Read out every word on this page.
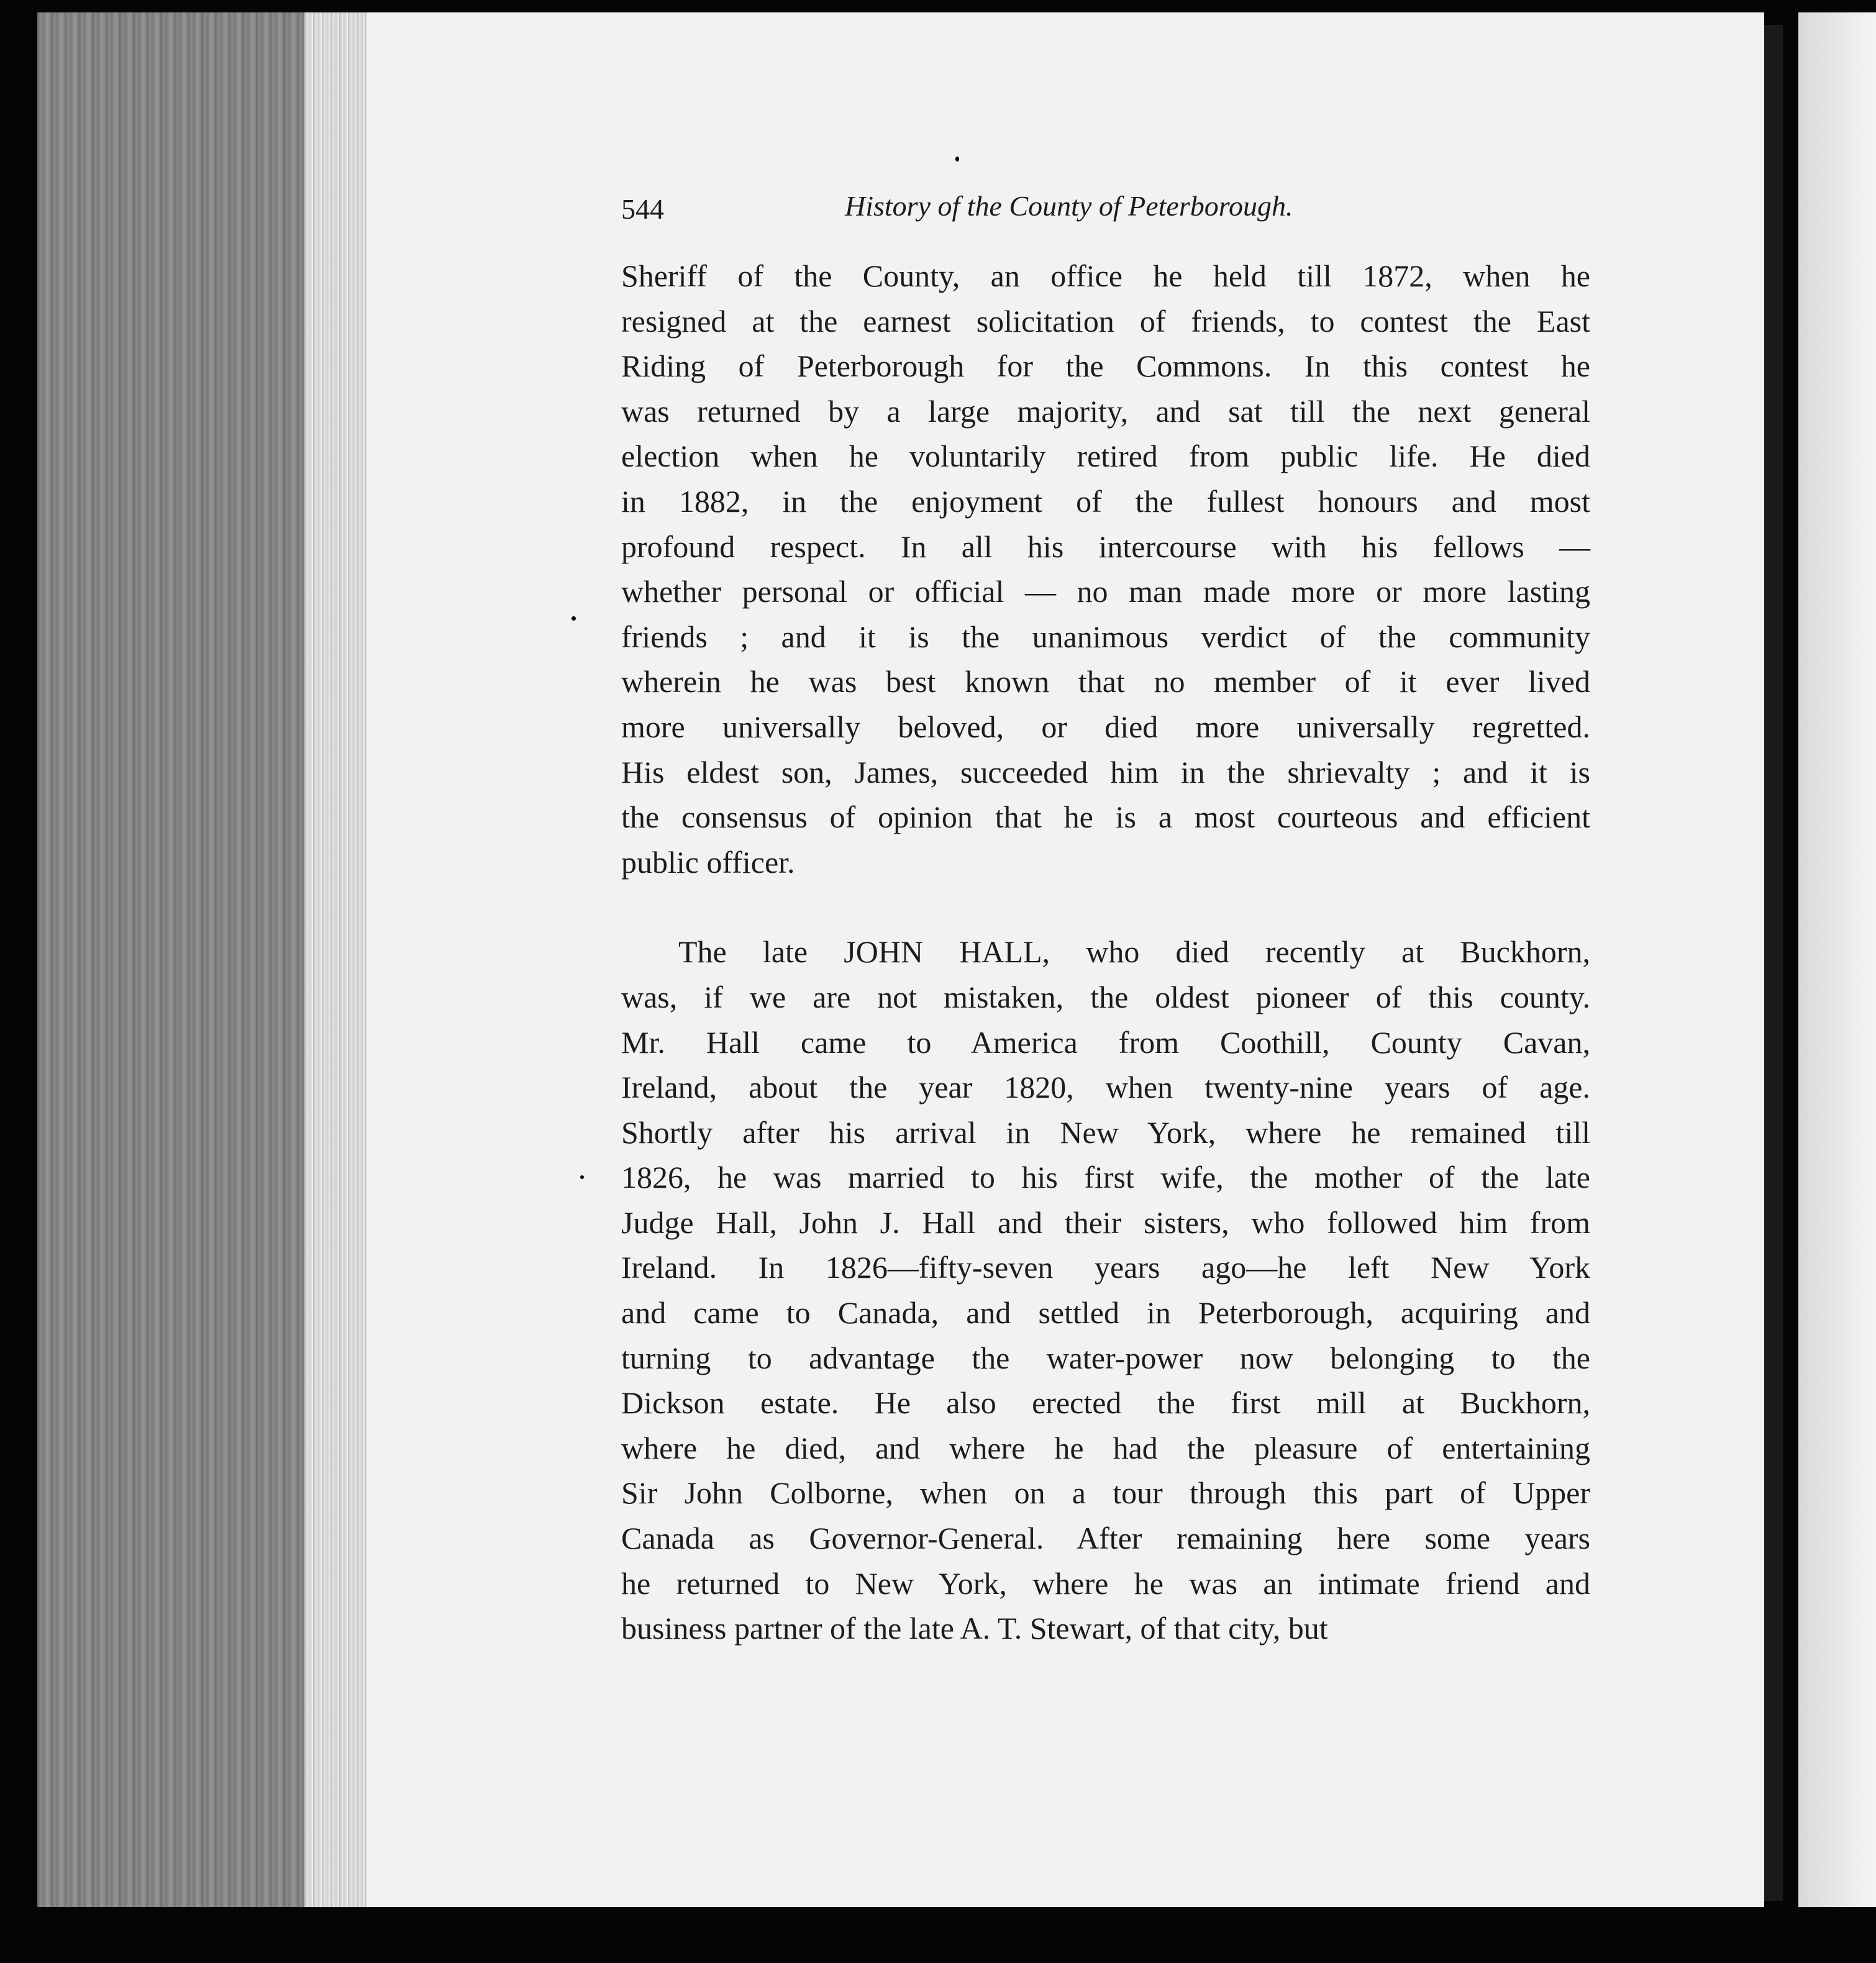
544	History of the County of Peterborough.
Sheriff of the County, an office he held till 1872, when he
resigned at the earnest solicitation of friends, to contest the East
Riding of Peterborough for the Commons. In this contest he
was returned by a large majority, and sat till the next general
election when he voluntarily retired from public life. He died
in 1882, in the enjoyment of the fullest honours and most
profound respect. In all his intercourse with his fellows —
whether personal or official — no man made more or more lasting
friends ; and it is the unanimous verdict of the community
wherein he was best known that no member of it ever lived
more universally beloved, or died more universally regretted.
His eldest son, James, succeeded him in the shrievalty ; and it is
the consensus of opinion that he is a most courteous and efficient
public officer.
The late JOHN HALL, who died recently at Buckhorn,
was, if we are not mistaken, the oldest pioneer of this county.
Mr. Hall came to America from Coothill, County Cavan,
Ireland, about the year 1820, when twenty-nine years of age.
Shortly after his arrival in New York, where he remained till
1826, he was married to his first wife, the mother of the late
Judge Hall, John J. Hall and their sisters, who followed him from
Ireland. In 1826—fifty-seven years ago—he left New York
and came to Canada, and settled in Peterborough, acquiring and
turning to advantage the water-power now belonging to the
Dickson estate. He also erected the first mill at Buckhorn,
where he died, and where he had the pleasure of entertaining
Sir John Colborne, when on a tour through this part of Upper
Canada as Governor-General. After remaining here some years
he returned to New York, where he was an intimate friend and
business partner of the late A. T. Stewart, of that city, but
